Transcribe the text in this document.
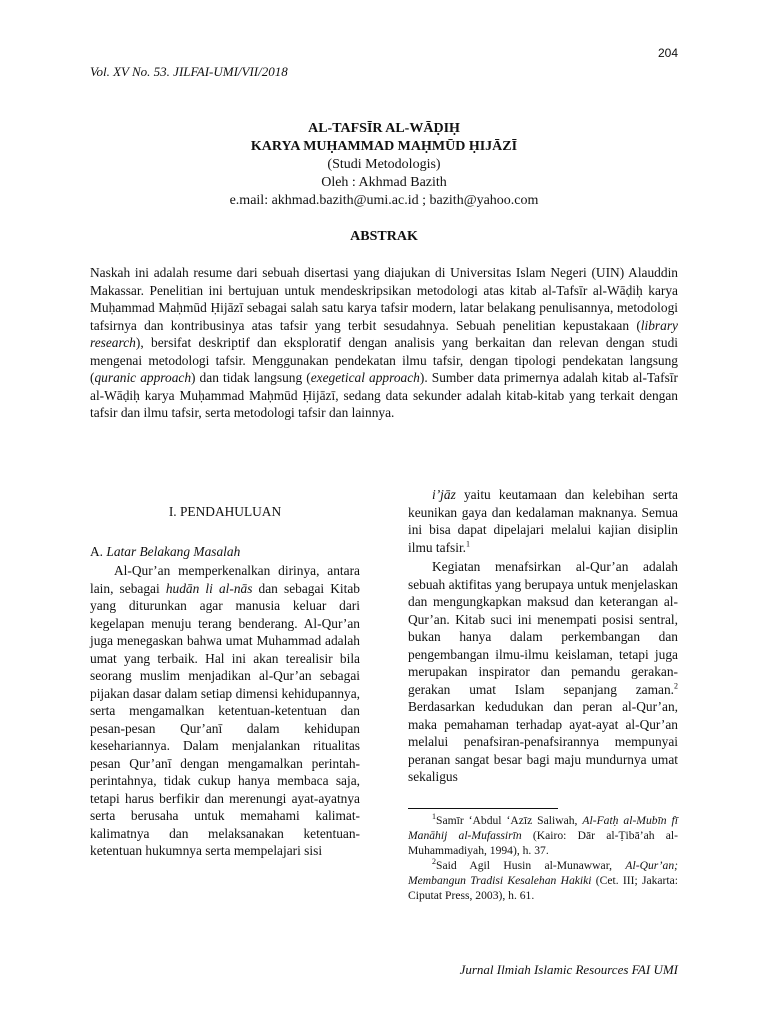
204
Vol. XV No. 53. JILFAI-UMI/VII/2018
AL-TAFSĪR AL-WĀḌIḤ
KARYA MUḤAMMAD MAḤMŪD ḤIJĀZĪ
(Studi Metodologis)
Oleh : Akhmad Bazith
e.mail: akhmad.bazith@umi.ac.id ; bazith@yahoo.com
ABSTRAK
Naskah ini adalah resume dari sebuah disertasi yang diajukan di Universitas Islam Negeri (UIN) Alauddin Makassar. Penelitian ini bertujuan untuk mendeskripsikan metodologi atas kitab al-Tafsīr al-Wāḍiḥ karya Muḥammad Maḥmūd Ḥijāzī sebagai salah satu karya tafsir modern, latar belakang penulisannya, metodologi tafsirnya dan kontribusinya atas tafsir yang terbit sesudahnya. Sebuah penelitian kepustakaan (library research), bersifat deskriptif dan eksploratif dengan analisis yang berkaitan dan relevan dengan studi mengenai metodologi tafsir. Menggunakan pendekatan ilmu tafsir, dengan tipologi pendekatan langsung (quranic approach) dan tidak langsung (exegetical approach). Sumber data primernya adalah kitab al-Tafsīr al-Wāḍiḥ karya Muḥammad Maḥmūd Ḥijāzī, sedang data sekunder adalah kitab-kitab yang terkait dengan tafsir dan ilmu tafsir, serta metodologi tafsir dan lainnya.
I. PENDAHULUAN
A. Latar Belakang Masalah

Al-Qur’an memperkenalkan dirinya, antara lain, sebagai hudān li al-nās dan sebagai Kitab yang diturunkan agar manusia keluar dari kegelapan menuju terang benderang. Al-Qur’an juga menegaskan bahwa umat Muhammad adalah umat yang terbaik. Hal ini akan terealisir bila seorang muslim menjadikan al-Qur’an sebagai pijakan dasar dalam setiap dimensi kehidupannya, serta mengamalkan ketentuan-ketentuan dan pesan-pesan Qur’anī dalam kehidupan kesehariannya. Dalam menjalankan ritualitas pesan Qur’anī dengan mengamalkan perintah-perintahnya, tidak cukup hanya membaca saja, tetapi harus berfikir dan merenungi ayat-ayatnya serta berusaha untuk memahami kalimat-kalimatnya dan melaksanakan ketentuan-ketentuan hukumnya serta mempelajari sisi

i’jāz yaitu keutamaan dan kelebihan serta keunikan gaya dan kedalaman maknanya. Semua ini bisa dapat dipelajari melalui kajian disiplin ilmu tafsir.$^1$

Kegiatan menafsirkan al-Qur’an adalah sebuah aktifitas yang berupaya untuk menjelaskan dan mengungkapkan maksud dan keterangan al-Qur’an. Kitab suci ini menempati posisi sentral, bukan hanya dalam perkembangan dan pengembangan ilmu-ilmu keislaman, tetapi juga merupakan inspirator dan pemandu gerakan-gerakan umat Islam sepanjang zaman.$^2$ Berdasarkan kedudukan dan peran al-Qur’an, maka pemahaman terhadap ayat-ayat al-Qur’an melalui penafsiran-penafsirannya mempunyai peranan sangat besar bagi maju mundurnya umat sekaligus

$^1$Samīr ‘Abdul ‘Azīz Saliwah, Al-Fatḥ al-Mubīn fī Manāhij al-Mufassirīn (Kairo: Dār al-Ṭibā’ah al-Muhammadiyah, 1994), h. 37.

$^2$Said Agil Husin al-Munawwar, Al-Qur’an; Membangun Tradisi Kesalehan Hakiki (Cet. III; Jakarta: Ciputat Press, 2003), h. 61.

Jurnal Ilmiah Islamic Resources FAI UMI
